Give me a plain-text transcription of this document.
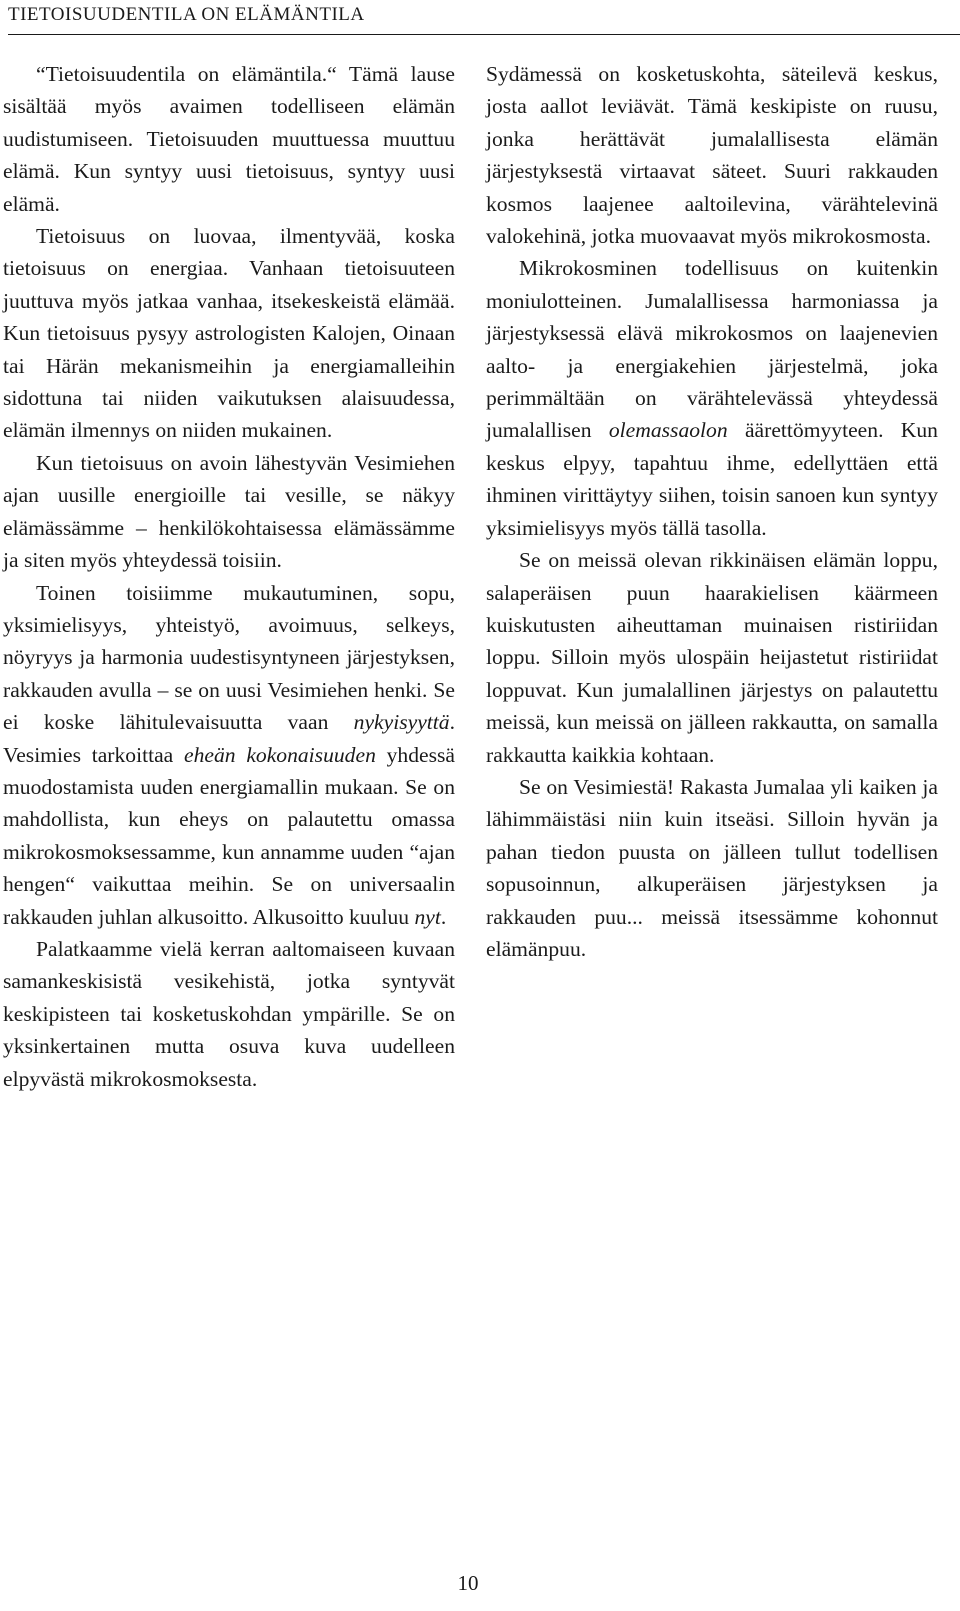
TIETOISUUDENTILA ON ELÄMÄNTILA

“Tietoisuudentila on elämäntila.“ Tämä lause sisältää myös avaimen todelliseen elämän uudistumiseen. Tietoisuuden muuttuessa muuttuu elämä. Kun syntyy uusi tietoisuus, syntyy uusi elämä.

Tietoisuus on luovaa, ilmentyvää, koska tietoisuus on energiaa. Vanhaan tietoisuuteen juuttuva myös jatkaa vanhaa, itsekeskeistä elämää. Kun tietoisuus pysyy astrologisten Kalojen, Oinaan tai Härän mekanismeihin ja energiamalleihin sidottuna tai niiden vaikutuksen alaisuudessa, elämän ilmennys on niiden mukainen.

Kun tietoisuus on avoin lähestyvän Vesimiehen ajan uusille energioille tai vesille, se näkyy elämässämme – henkilökohtaisessa elämässämme ja siten myös yhteydessä toisiin.

Toinen toisiimme mukautuminen, sopu, yksimielisyys, yhteistyö, avoimuus, selkeys, nöyryys ja harmonia uudestisyntyneen järjestyksen, rakkauden avulla – se on uusi Vesimiehen henki. Se ei koske lähitulevaisuutta vaan nykyisyyttä. Vesimies tarkoittaa eheän kokonaisuuden yhdessä muodostamista uuden energiamallin mukaan. Se on mahdollista, kun eheys on palautettu omassa mikrokosmoksessamme, kun annamme uuden “ajan hengen“ vaikuttaa meihin. Se on universaalin rakkauden juhlan alkusoitto. Alkusoitto kuuluu nyt.

Palatkaamme vielä kerran aaltomaiseen kuvaan samankeskisistä vesikehistä, jotka syntyvät keskipisteen tai kosketuskohdan ympärille. Se on yksinkertainen mutta osuva kuva uudelleen elpyvästä mikrokosmoksesta.

Sydämessä on kosketuskohta, säteilevä keskus, josta aallot leviävät. Tämä keskipiste on ruusu, jonka herättävät jumalallisesta elämän järjestyksestä virtaavat säteet. Suuri rakkauden kosmos laajenee aaltoilevina, värähtelevinä valokehinä, jotka muovaavat myös mikrokosmosta.

Mikrokosminen todellisuus on kuitenkin moniulotteinen. Jumalallisessa harmoniassa ja järjestyksessä elävä mikrokosmos on laajenevien aalto- ja energiakehien järjestelmä, joka perimmältään on värähtelevässä yhteydessä jumalallisen olemassaolon äärettömyyteen. Kun keskus elpyy, tapahtuu ihme, edellyttäen että ihminen virittäytyy siihen, toisin sanoen kun syntyy yksimielisyys myös tällä tasolla.

Se on meissä olevan rikkinäisen elämän loppu, salaperäisen puun haarakielisen käärmeen kuiskutusten aiheuttaman muinaisen ristiriidan loppu. Silloin myös ulospäin heijastetut ristiriidat loppuvat. Kun jumalallinen järjestys on palautettu meissä, kun meissä on jälleen rakkautta, on samalla rakkautta kaikkia kohtaan.

Se on Vesimiestä! Rakasta Jumalaa yli kaiken ja lähimmäistäsi niin kuin itseäsi. Silloin hyvän ja pahan tiedon puusta on jälleen tullut todellisen sopusoinnun, alkuperäisen järjestyksen ja rakkauden puu... meissä itsessämme kohonnut elämänpuu.

10
